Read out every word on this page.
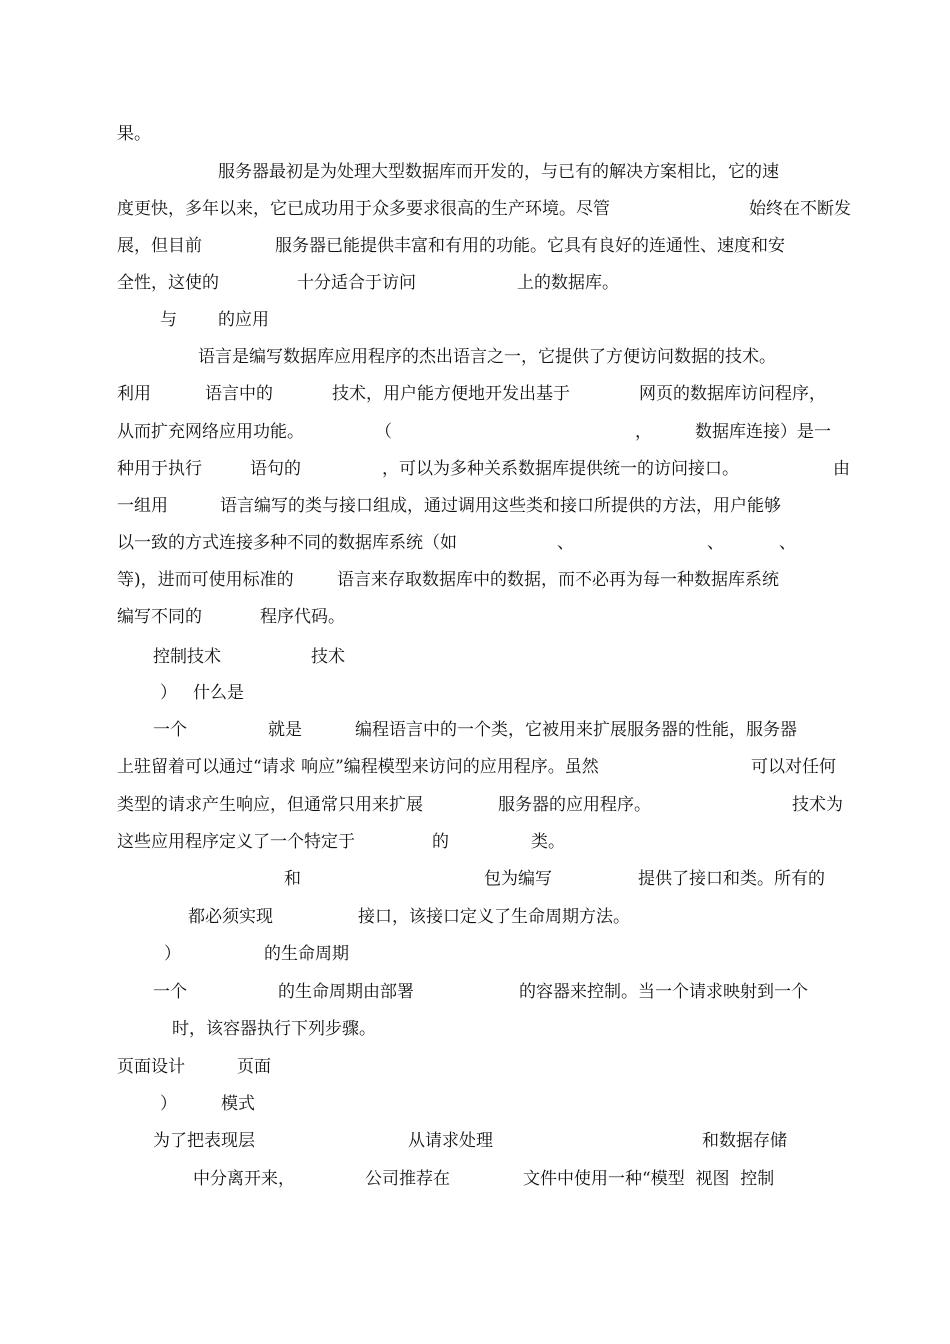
果。
服务器最初是为处理大型数据库而开发的，与已有的解决方案相比，它的速
度更快，多年以来，它已成功用于众多要求很高的生产环境。尽管	始终在不断发
展，但目前	服务器已能提供丰富和有用的功能。它具有良好的连通性、速度和安
全性，这使的	十分适合于访问	上的数据库。
与 的应用
语言是编写数据库应用程序的杰出语言之一，它提供了方便访问数据的技术。
利用	语言中的	技术，用户能方便地开发出基于	网页的数据库访问程序，
从而扩充网络应用功能。	（	，	数据库连接）是一
种用于执行	语句的	，可以为多种关系数据库提供统一的访问接口。	由
一组用	语言编写的类与接口组成，通过调用这些类和接口所提供的方法，用户能够
以一致的方式连接多种不同的数据库系统（如	、	、	、
等)，进而可使用标准的	语言来存取数据库中的数据，而不必再为每一种数据库系统
编写不同的	程序代码。
控制技术	技术
） 什么是
一个	就是	编程语言中的一个类，它被用来扩展服务器的性能，服务器
上驻留着可以通过“请求 响应”编程模型来访问的应用程序。虽然	可以对任何
类型的请求产生响应，但通常只用来扩展	服务器的应用程序。	技术为
这些应用程序定义了一个特定于	的	类。
和	包为编写	提供了接口和类。所有的
都必须实现	接口，该接口定义了生命周期方法。
）	的生命周期
一个	的生命周期由部署	的容器来控制。当一个请求映射到一个
时，该容器执行下列步骤。
页面设计	页面
）	模式
为了把表现层	从请求处理	和数据存储
中分离开来，	公司推荐在	文件中使用一种“模型  视图  控制
